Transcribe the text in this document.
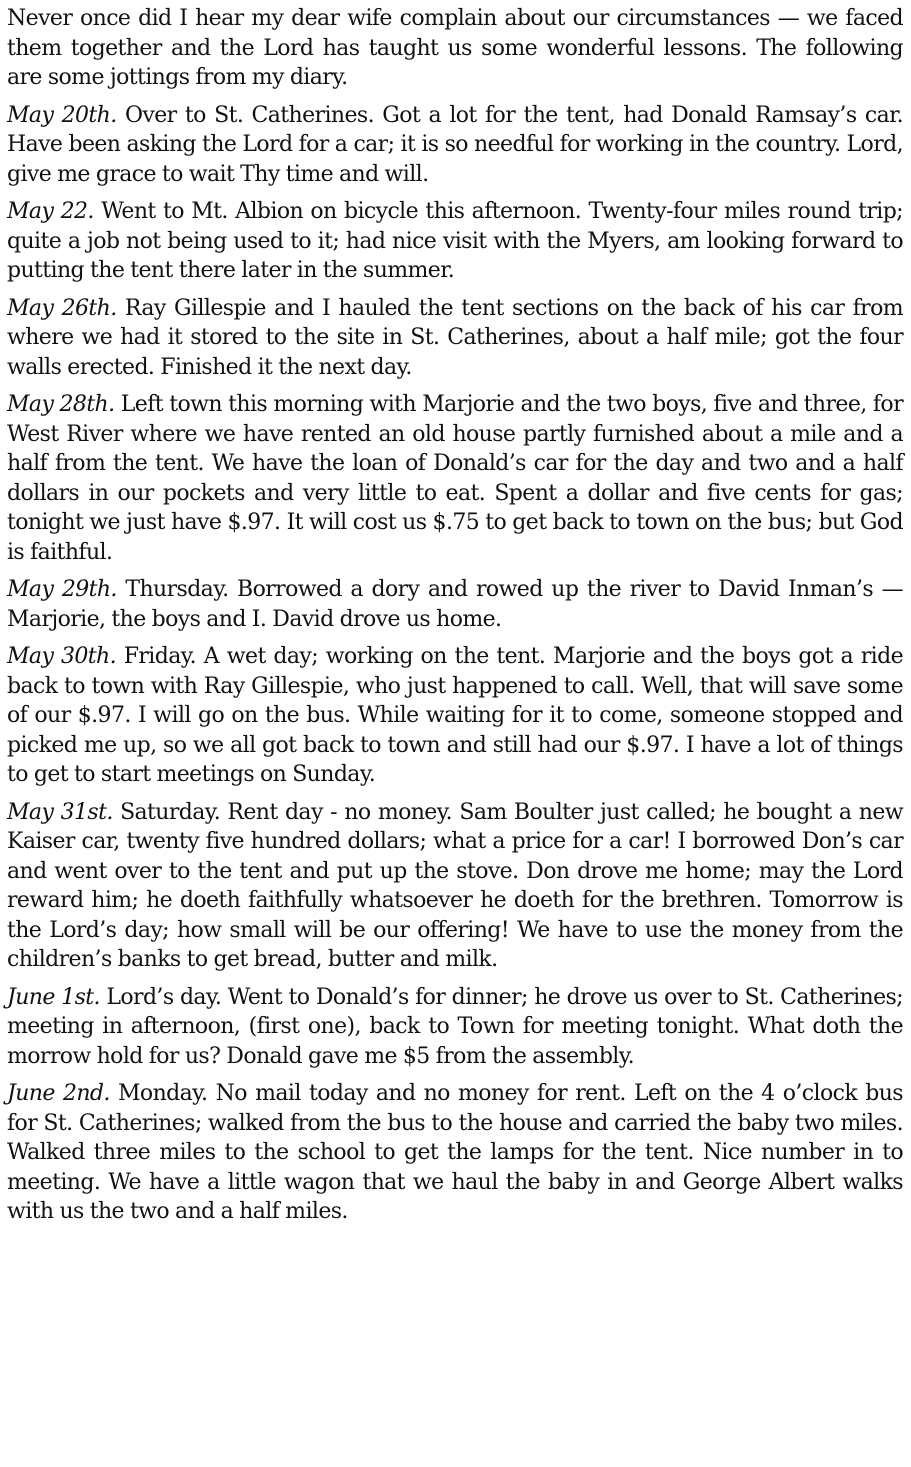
Never once did I hear my dear wife complain about our circumstances — we faced them together and the Lord has taught us some wonderful lessons. The following are some jottings from my diary.

May 20th. Over to St. Catherines. Got a lot for the tent, had Donald Ramsay’s car. Have been asking the Lord for a car; it is so needful for working in the country. Lord, give me grace to wait Thy time and will.

May 22. Went to Mt. Albion on bicycle this afternoon. Twenty-four miles round trip; quite a job not being used to it; had nice visit with the Myers, am looking forward to putting the tent there later in the summer.

May 26th. Ray Gillespie and I hauled the tent sections on the back of his car from where we had it stored to the site in St. Catherines, about a half mile; got the four walls erected. Finished it the next day.

May 28th. Left town this morning with Marjorie and the two boys, five and three, for West River where we have rented an old house partly furnished about a mile and a half from the tent. We have the loan of Donald’s car for the day and two and a half dollars in our pockets and very little to eat. Spent a dollar and five cents for gas; tonight we just have $.97. It will cost us $.75 to get back to town on the bus; but God is faithful.

May 29th. Thursday. Borrowed a dory and rowed up the river to David Inman’s — Marjorie, the boys and I. David drove us home.

May 30th. Friday. A wet day; working on the tent. Marjorie and the boys got a ride back to town with Ray Gillespie, who just happened to call. Well, that will save some of our $.97. I will go on the bus. While waiting for it to come, someone stopped and picked me up, so we all got back to town and still had our $.97. I have a lot of things to get to start meetings on Sunday.

May 31st. Saturday. Rent day - no money. Sam Boulter just called; he bought a new Kaiser car, twenty five hundred dollars; what a price for a car! I borrowed Don’s car and went over to the tent and put up the stove. Don drove me home; may the Lord reward him; he doeth faithfully whatsoever he doeth for the brethren. Tomorrow is the Lord’s day; how small will be our offering! We have to use the money from the children’s banks to get bread, butter and milk.

June 1st. Lord’s day. Went to Donald’s for dinner; he drove us over to St. Catherines; meeting in afternoon, (first one), back to Town for meeting tonight. What doth the morrow hold for us? Donald gave me $5 from the assembly.

June 2nd. Monday. No mail today and no money for rent. Left on the 4 o’clock bus for St. Catherines; walked from the bus to the house and carried the baby two miles. Walked three miles to the school to get the lamps for the tent. Nice number in to meeting. We have a little wagon that we haul the baby in and George Albert walks with us the two and a half miles.
